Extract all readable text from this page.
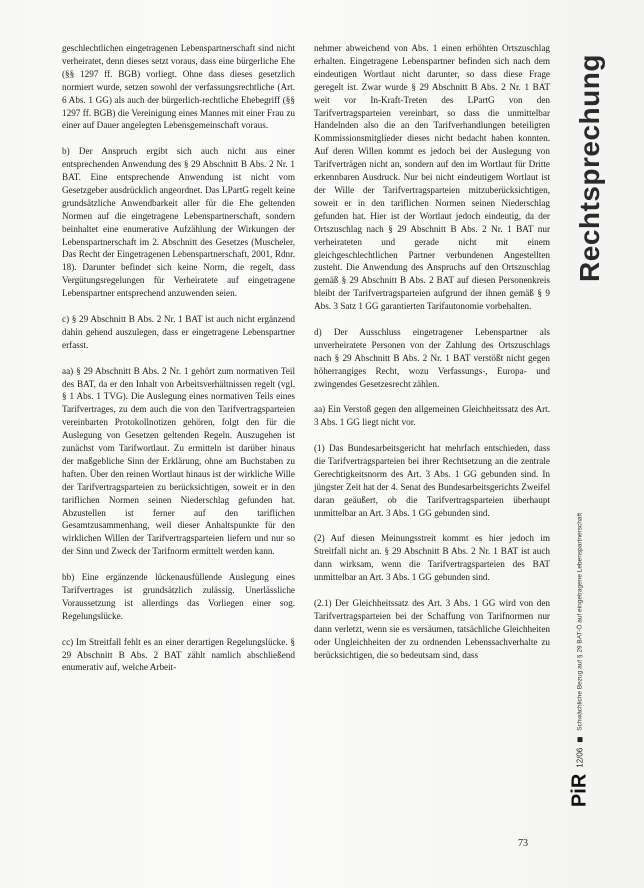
geschlechtlichen eingetragenen Lebenspartnerschaft sind nicht verheiratet, denn dieses setzt voraus, dass eine bürgerliche Ehe (§§ 1297 ff. BGB) vorliegt. Ohne dass dieses gesetzlich normiert wurde, setzen sowohl der verfassungsrechtliche (Art. 6 Abs. 1 GG) als auch der bürgerlich-rechtliche Ehebegriff (§§ 1297 ff. BGB) die Vereinigung eines Mannes mit einer Frau zu einer auf Dauer angelegten Lebensgemeinschaft voraus.

b) Der Anspruch ergibt sich auch nicht aus einer entsprechenden Anwendung des § 29 Abschnitt B Abs. 2 Nr. 1 BAT. Eine entsprechende Anwendung ist nicht vom Gesetzgeber ausdrücklich angeordnet. Das LPartG regelt keine grundsätzliche Anwendbarkeit aller für die Ehe geltenden Normen auf die eingetragene Lebenspartnerschaft, sondern beinhaltet eine enumerative Aufzählung der Wirkungen der Lebenspartnerschaft im 2. Abschnitt des Gesetzes (Muscheler, Das Recht der Eingetragenen Lebenspartnerschaft, 2001, Rdnr. 18). Darunter befindet sich keine Norm, die regelt, dass Vergütungsregelungen für Verheiratete auf eingetragene Lebenspartner entsprechend anzuwenden seien.

c) § 29 Abschnitt B Abs. 2 Nr. 1 BAT ist auch nicht ergänzend dahin gehend auszulegen, dass er eingetragene Lebenspartner erfasst.

aa) § 29 Abschnitt B Abs. 2 Nr. 1 gehört zum normativen Teil des BAT, da er den Inhalt von Arbeitsverhältnissen regelt (vgl. § 1 Abs. 1 TVG). Die Auslegung eines normativen Teils eines Tarifvertrages, zu dem auch die von den Tarifvertragsparteien vereinbarten Protokollnotizen gehören, folgt den für die Auslegung von Gesetzen geltenden Regeln. Auszugehen ist zunächst vom Tarifwortlaut. Zu ermitteln ist darüber hinaus der maßgebliche Sinn der Erklärung, ohne am Buchstaben zu haften. Über den reinen Wortlaut hinaus ist der wirkliche Wille der Tarifvertragsparteien zu berücksichtigen, soweit er in den tariflichen Normen seinen Niederschlag gefunden hat. Abzustellen ist ferner auf den tariflichen Gesamtzusammenhang, weil dieser Anhaltspunkte für den wirklichen Willen der Tarifvertragsparteien liefern und nur so der Sinn und Zweck der Tarifnorm ermittelt werden kann.

bb) Eine ergänzende lückenausfüllende Auslegung eines Tarifvertrages ist grundsätzlich zulässig. Unerlässliche Voraussetzung ist allerdings das Vorliegen einer sog. Regelungslücke.

cc) Im Streitfall fehlt es an einer derartigen Regelungslücke. § 29 Abschnitt B Abs. 2 BAT zählt namlich abschließend enumerativ auf, welche Arbeit-

nehmer abweichend von Abs. 1 einen erhöhten Ortszuschlag erhalten. Eingetragene Lebenspartner befinden sich nach dem eindeutigen Wortlaut nicht darunter, so dass diese Frage geregelt ist. Zwar wurde § 29 Abschnitt B Abs. 2 Nr. 1 BAT weit vor In-Kraft-Treten des LPartG von den Tarifvertragsparteien vereinbart, so dass die unmittelbar Handelnden also die an den Tarifverhandlungen beteiligten Kommissionsmitglieder dieses nicht bedacht haben konnten. Auf deren Willen kommt es jedoch bei der Auslegung von Tarifverträgen nicht an, sondern auf den im Wortlaut für Dritte erkennbaren Ausdruck. Nur bei nicht eindeutigem Wortlaut ist der Wille der Tarifvertragsparteien mitzuberücksichtigen, soweit er in den tariflichen Normen seinen Niederschlag gefunden hat. Hier ist der Wortlaut jedoch eindeutig, da der Ortszuschlag nach § 29 Abschnitt B Abs. 2 Nr. 1 BAT nur verheirateten und gerade nicht mit einem gleichgeschlechtlichen Partner verbundenen Angestellten zusteht. Die Anwendung des Anspruchs auf den Ortszuschlag gemäß § 29 Abschnitt B Abs. 2 BAT auf diesen Personenkreis bleibt der Tarifvertragsparteien aufgrund der ihnen gemäß § 9 Abs. 3 Satz 1 GG garantierten Tarifautonomie vorbehalten.

d) Der Ausschluss eingetragener Lebenspartner als unverheiratete Personen von der Zahlung des Ortszuschlags nach § 29 Abschnitt B Abs. 2 Nr. 1 BAT verstößt nicht gegen höherrangiges Recht, wozu Verfassungs-, Europa- und zwingendes Gesetzesrecht zählen.

aa) Ein Verstoß gegen den allgemeinen Gleichheitssatz des Art. 3 Abs. 1 GG liegt nicht vor.

(1) Das Bundesarbeitsgericht hat mehrfach entschieden, dass die Tarifvertragsparteien bei ihrer Rechtsetzung an die zentrale Gerechtigkeitsnorm des Art. 3 Abs. 1 GG gebunden sind. In jüngster Zeit hat der 4. Senat des Bundesarbeitsgerichts Zweifel daran geäußert, ob die Tarifvertragsparteien überhaupt unmittelbar an Art. 3 Abs. 1 GG gebunden sind.

(2) Auf diesen Meinungsstreit kommt es hier jedoch im Streitfall nicht an. § 29 Abschnitt B Abs. 2 Nr. 1 BAT ist auch dann wirksam, wenn die Tarifvertragsparteien des BAT unmittelbar an Art. 3 Abs. 1 GG gebunden sind.

(2.1) Der Gleichheitssatz des Art. 3 Abs. 1 GG wird von den Tarifvertragsparteien bei der Schaffung von Tarifnormen nur dann verletzt, wenn sie es versäumen, tatsächliche Gleichheiten oder Ungleichheiten der zu ordnenden Lebenssachverhalte zu berücksichtigen, die so bedeutsam sind, dass

Rechtsprechung
PiR
12/06
Schwächliche Bezug auf § 29 BAT-Ö auf eingetragene Lebenspartnerschaft
73
